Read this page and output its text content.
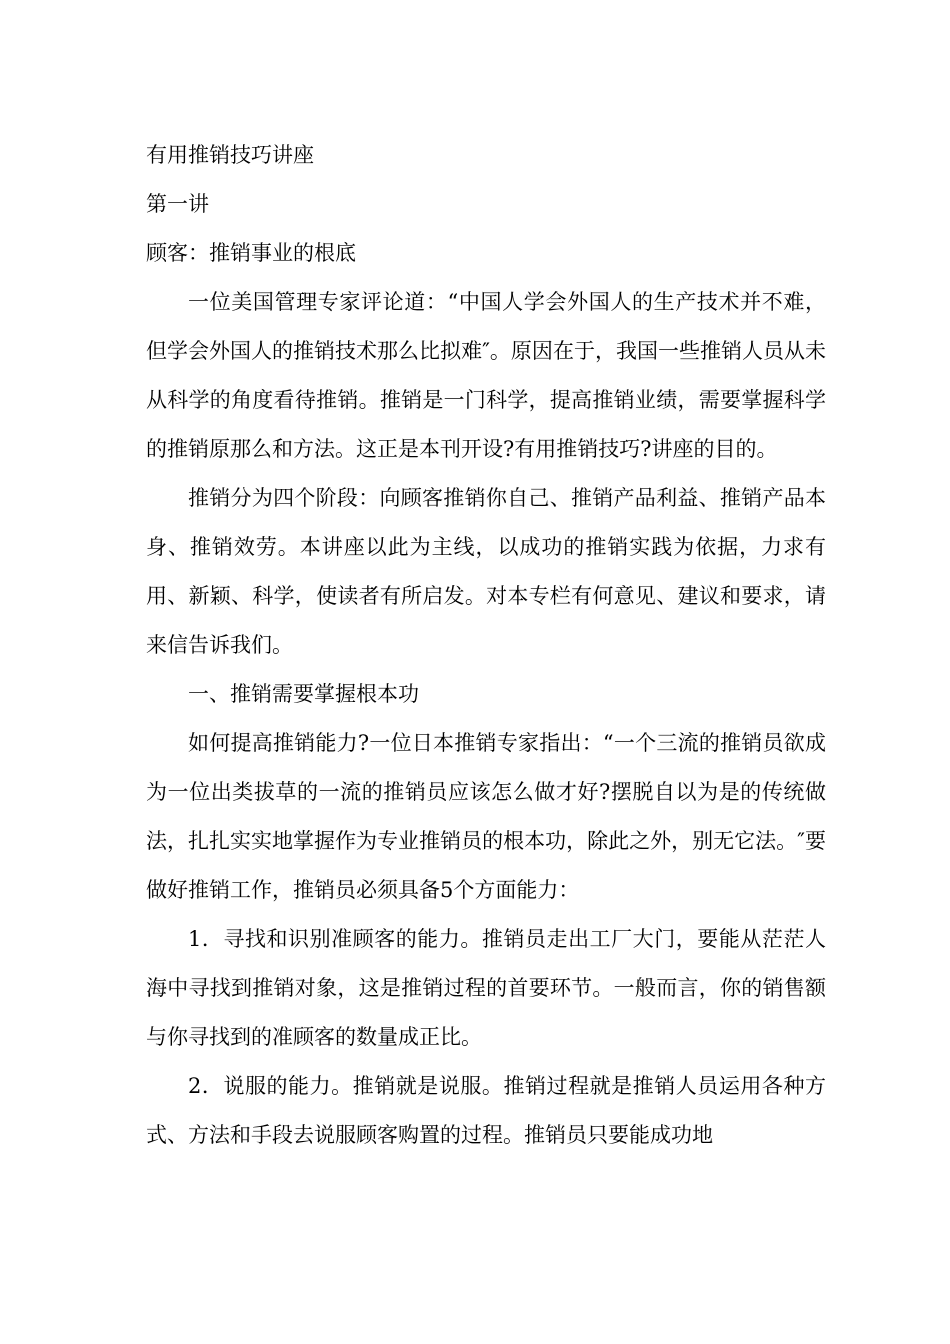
有用推销技巧讲座

第一讲

顾客：推销事业的根底

一位美国管理专家评论道：“中国人学会外国人的生产技术并不难，但学会外国人的推销技术那么比拟难″。原因在于，我国一些推销人员从未从科学的角度看待推销。推销是一门科学，提高推销业绩，需要掌握科学的推销原那么和方法。这正是本刊开设?有用推销技巧?讲座的目的。

推销分为四个阶段：向顾客推销你自己、推销产品利益、推销产品本身、推销效劳。本讲座以此为主线，以成功的推销实践为依据，力求有用、新颖、科学，使读者有所启发。对本专栏有何意见、建议和要求，请来信告诉我们。

一、推销需要掌握根本功

如何提高推销能力?一位日本推销专家指出：“一个三流的推销员欲成为一位出类拔草的一流的推销员应该怎么做才好?摆脱自以为是的传统做法，扎扎实实地掌握作为专业推销员的根本功，除此之外，别无它法。″要做好推销工作，推销员必须具备5个方面能力：

1．寻找和识别准顾客的能力。推销员走出工厂大门，要能从茫茫人海中寻找到推销对象，这是推销过程的首要环节。一般而言，你的销售额与你寻找到的准顾客的数量成正比。

2．说服的能力。推销就是说服。推销过程就是推销人员运用各种方式、方法和手段去说服顾客购置的过程。推销员只要能成功地
